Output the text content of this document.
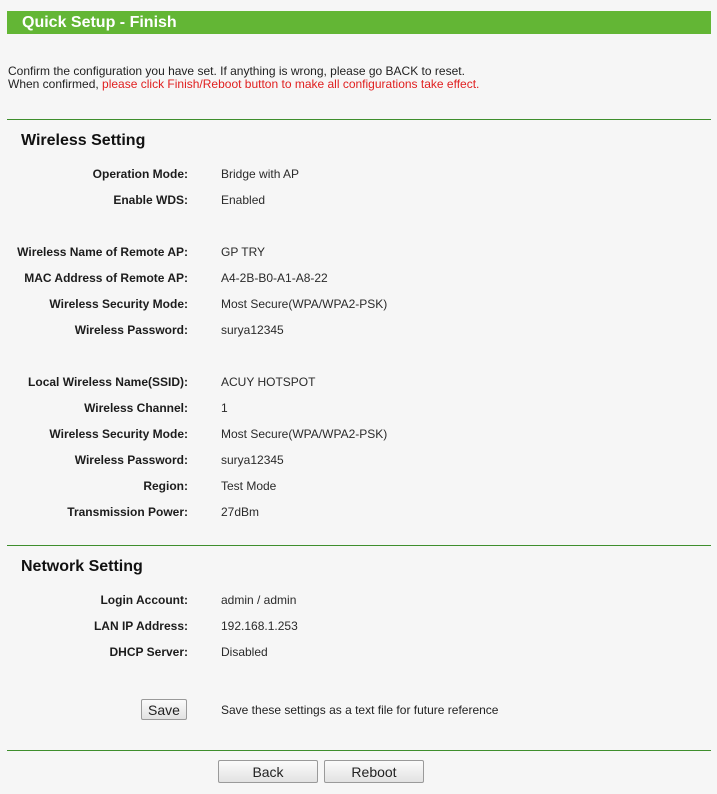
Quick Setup - Finish
Confirm the configuration you have set. If anything is wrong, please go BACK to reset.
When confirmed, please click Finish/Reboot button to make all configurations take effect.
Wireless Setting
Operation Mode:	Bridge with AP
Enable WDS:	Enabled
Wireless Name of Remote AP:	GP TRY
MAC Address of Remote AP:	A4-2B-B0-A1-A8-22
Wireless Security Mode:	Most Secure(WPA/WPA2-PSK)
Wireless Password:	surya12345
Local Wireless Name(SSID):	ACUY HOTSPOT
Wireless Channel:	1
Wireless Security Mode:	Most Secure(WPA/WPA2-PSK)
Wireless Password:	surya12345
Region:	Test Mode
Transmission Power:	27dBm
Network Setting
Login Account:	admin / admin
LAN IP Address:	192.168.1.253
DHCP Server:	Disabled
Save	Save these settings as a text file for future reference
Back	Reboot
